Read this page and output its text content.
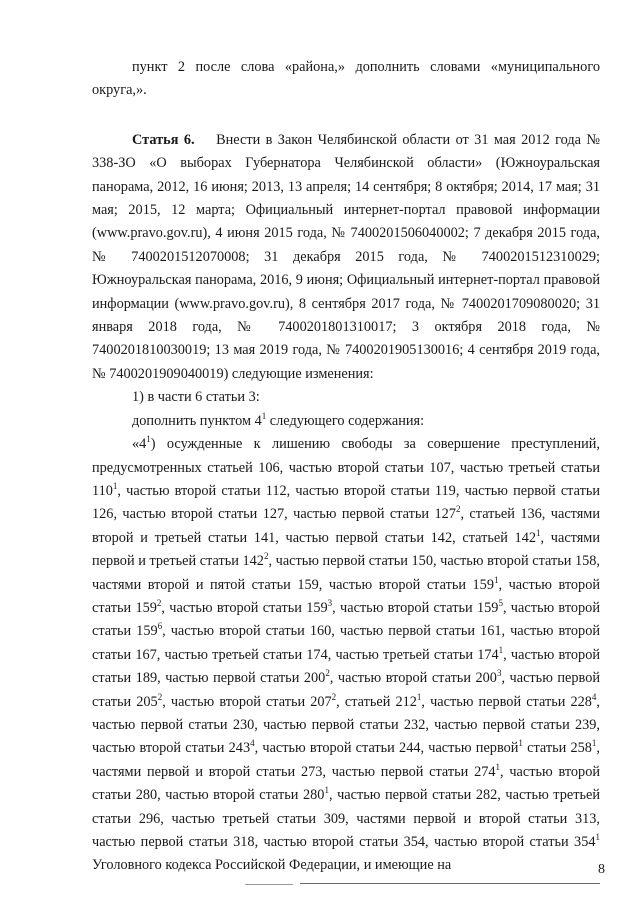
пункт 2 после слова «района,» дополнить словами «муниципального округа,».

Статья 6. Внести в Закон Челябинской области от 31 мая 2012 года № 338-ЗО «О выборах Губернатора Челябинской области» (Южноуральская панорама, 2012, 16 июня; 2013, 13 апреля; 14 сентября; 8 октября; 2014, 17 мая; 31 мая; 2015, 12 марта; Официальный интернет-портал правовой информации (www.pravo.gov.ru), 4 июня 2015 года, № 7400201506040002; 7 декабря 2015 года, № 7400201512070008; 31 декабря 2015 года, № 7400201512310029; Южноуральская панорама, 2016, 9 июня; Официальный интернет-портал правовой информации (www.pravo.gov.ru), 8 сентября 2017 года, № 7400201709080020; 31 января 2018 года, № 7400201801310017; 3 октября 2018 года, № 7400201810030019; 13 мая 2019 года, № 7400201905130016; 4 сентября 2019 года, № 7400201909040019) следующие изменения:

1) в части 6 статьи 3:

дополнить пунктом $4^1$ следующего содержания:

«$4^1$) осужденные к лишению свободы за совершение преступлений, предусмотренных статьей 106, частью второй статьи 107, частью третьей статьи $110^1$, частью второй статьи 112, частью второй статьи 119, частью первой статьи 126, частью второй статьи 127, частью первой статьи $127^2$, статьей 136, частями второй и третьей статьи 141, частью первой статьи 142, статьей $142^1$, частями первой и третьей статьи $142^2$, частью первой статьи 150, частью второй статьи 158, частями второй и пятой статьи 159, частью второй статьи $159^1$, частью второй статьи $159^2$, частью второй статьи $159^3$, частью второй статьи $159^5$, частью второй статьи $159^6$, частью второй статьи 160, частью первой статьи 161, частью второй статьи 167, частью третьей статьи 174, частью третьей статьи $174^1$, частью второй статьи 189, частью первой статьи $200^2$, частью второй статьи $200^3$, частью первой статьи $205^2$, частью второй статьи $207^2$, статьей $212^1$, частью первой статьи $228^4$, частью первой статьи 230, частью первой статьи 232, частью первой статьи 239, частью второй статьи $243^4$, частью второй статьи 244, частью первой$^1$ статьи $258^1$, частями первой и второй статьи 273, частью первой статьи $274^1$, частью второй статьи 280, частью второй статьи $280^1$, частью первой статьи 282, частью третьей статьи 296, частью третьей статьи 309, частями первой и второй статьи 313, частью первой статьи 318, частью второй статьи 354, частью второй статьи $354^1$ Уголовного кодекса Российской Федерации, и имеющие на	8
